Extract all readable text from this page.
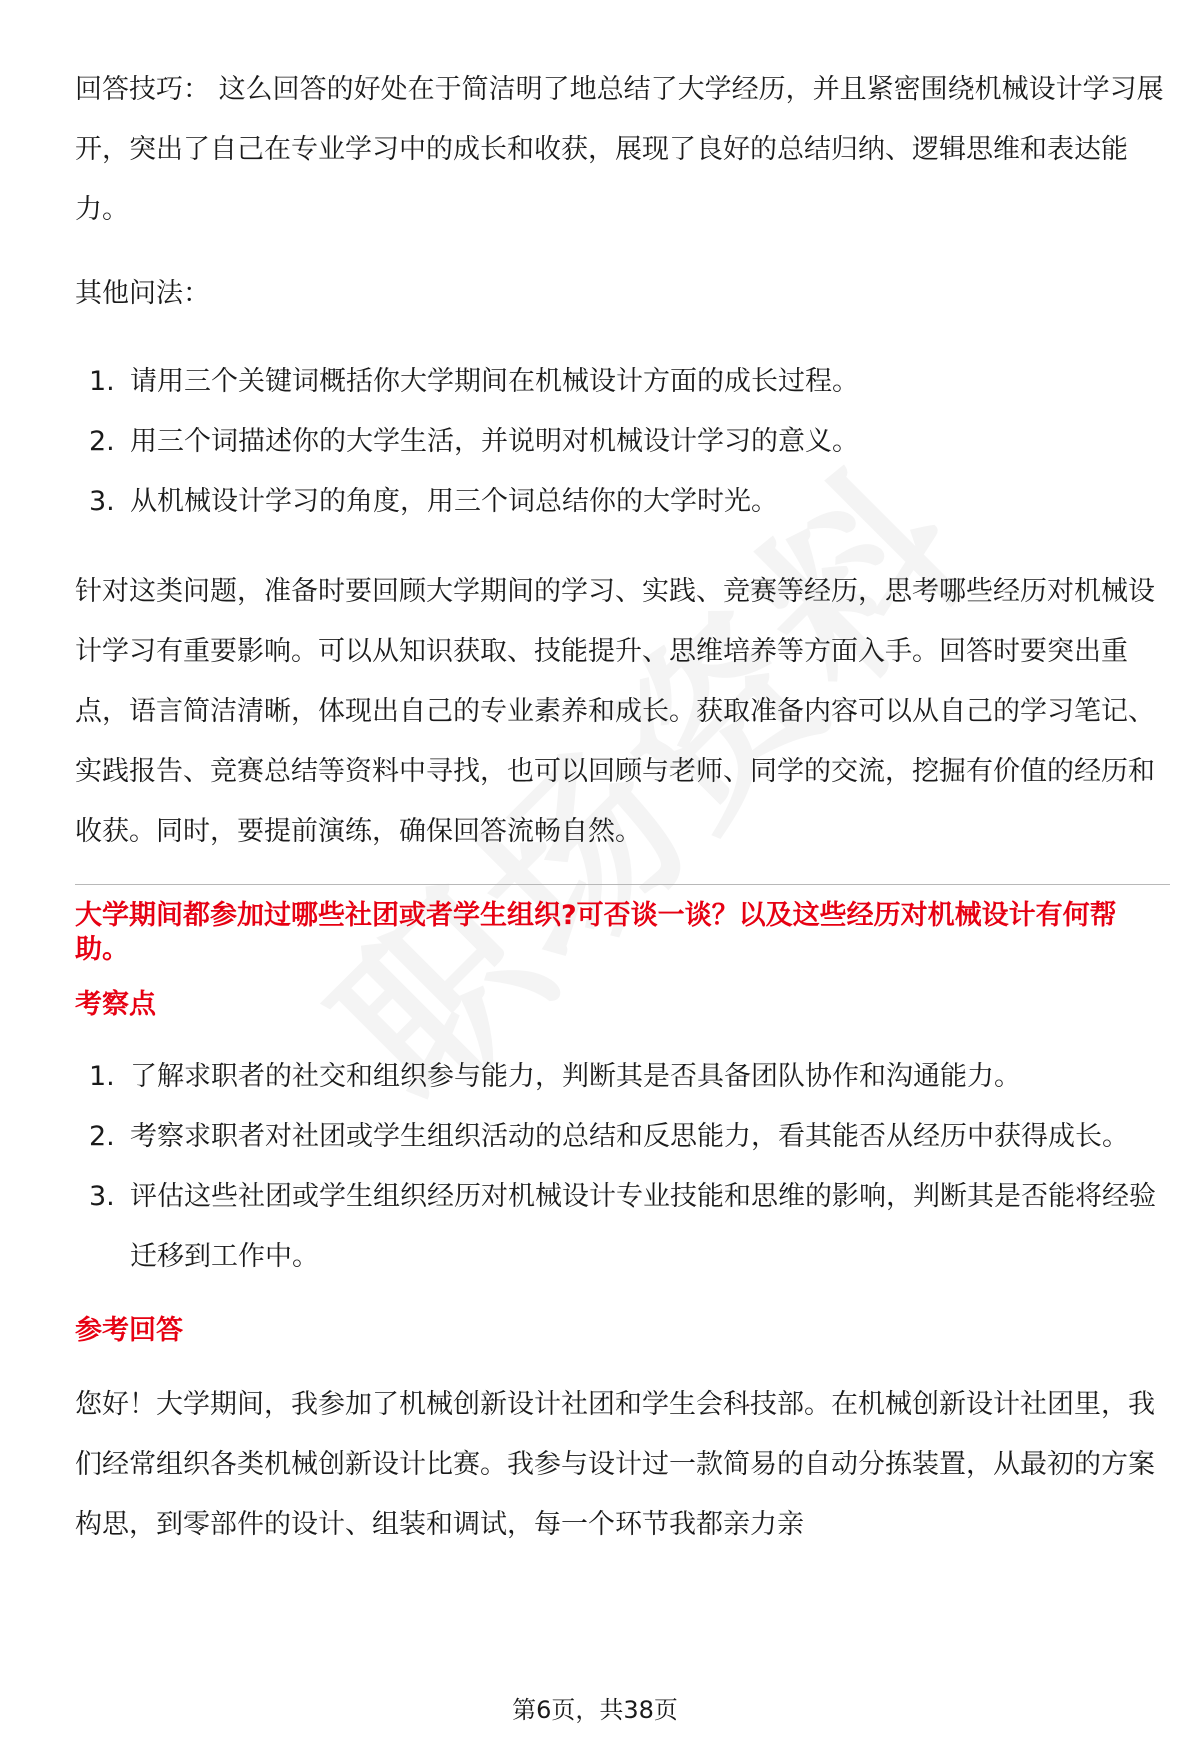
回答技巧： 这么回答的好处在于简洁明了地总结了大学经历，并且紧密围绕机械设计学习展开，突出了自己在专业学习中的成长和收获，展现了良好的总结归纳、逻辑思维和表达能力。

其他问法：

1. 请用三个关键词概括你大学期间在机械设计方面的成长过程。
2. 用三个词描述你的大学生活，并说明对机械设计学习的意义。
3. 从机械设计学习的角度，用三个词总结你的大学时光。

针对这类问题，准备时要回顾大学期间的学习、实践、竞赛等经历，思考哪些经历对机械设计学习有重要影响。可以从知识获取、技能提升、思维培养等方面入手。回答时要突出重点，语言简洁清晰，体现出自己的专业素养和成长。获取准备内容可以从自己的学习笔记、实践报告、竞赛总结等资料中寻找，也可以回顾与老师、同学的交流，挖掘有价值的经历和收获。同时，要提前演练，确保回答流畅自然。

大学期间都参加过哪些社团或者学生组织?可否谈一谈？以及这些经历对机械设计有何帮助。
考察点
1. 了解求职者的社交和组织参与能力，判断其是否具备团队协作和沟通能力。
2. 考察求职者对社团或学生组织活动的总结和反思能力，看其能否从经历中获得成长。
3. 评估这些社团或学生组织经历对机械设计专业技能和思维的影响，判断其是否能将经验迁移到工作中。
参考回答

您好！大学期间，我参加了机械创新设计社团和学生会科技部。在机械创新设计社团里，我们经常组织各类机械创新设计比赛。我参与设计过一款简易的自动分拣装置，从最初的方案构思，到零部件的设计、组装和调试，每一个环节我都亲力亲

第6页，共38页
